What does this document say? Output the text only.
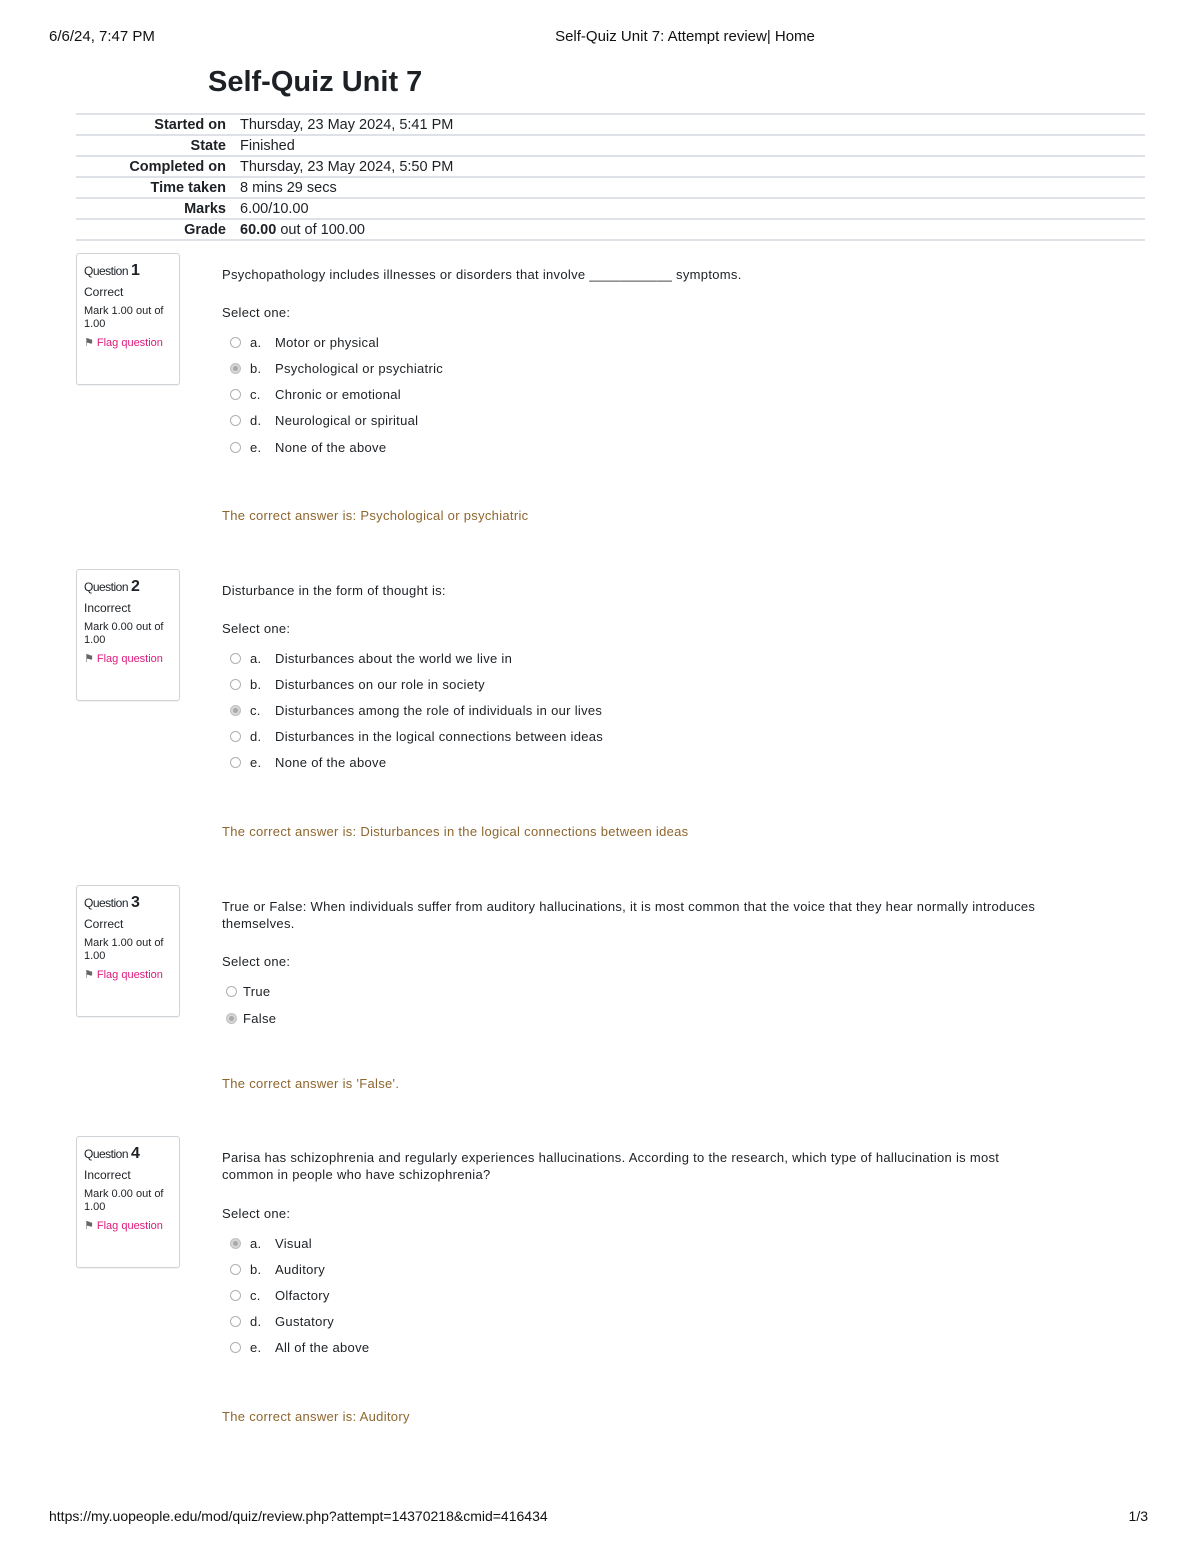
6/6/24, 7:47 PM	Self-Quiz Unit 7: Attempt review| Home
Self-Quiz Unit 7
Started on	Thursday, 23 May 2024, 5:41 PM
State	Finished
Completed on	Thursday, 23 May 2024, 5:50 PM
Time taken	8 mins 29 secs
Marks	6.00/10.00
Grade	60.00 out of 100.00
Question 1
Correct
Mark 1.00 out of 1.00
⚑ Flag question
Psychopathology includes illnesses or disorders that involve ___________ symptoms.
Select one:
a.	Motor or physical
b.	Psychological or psychiatric
c.	Chronic or emotional
d.	Neurological or spiritual
e.	None of the above
The correct answer is: Psychological or psychiatric
Question 2
Incorrect
Mark 0.00 out of 1.00
⚑ Flag question
Disturbance in the form of thought is:
Select one:
a.	Disturbances about the world we live in
b.	Disturbances on our role in society
c.	Disturbances among the role of individuals in our lives
d.	Disturbances in the logical connections between ideas
e.	None of the above
The correct answer is: Disturbances in the logical connections between ideas
Question 3
Correct
Mark 1.00 out of 1.00
⚑ Flag question
True or False: When individuals suffer from auditory hallucinations, it is most common that the voice that they hear normally introduces
themselves.
Select one:
True
False
The correct answer is 'False'.
Question 4
Incorrect
Mark 0.00 out of 1.00
⚑ Flag question
Parisa has schizophrenia and regularly experiences hallucinations. According to the research, which type of hallucination is most
common in people who have schizophrenia?
Select one:
a.	Visual
b.	Auditory
c.	Olfactory
d.	Gustatory
e.	All of the above
The correct answer is: Auditory
https://my.uopeople.edu/mod/quiz/review.php?attempt=14370218&cmid=416434	1/3
